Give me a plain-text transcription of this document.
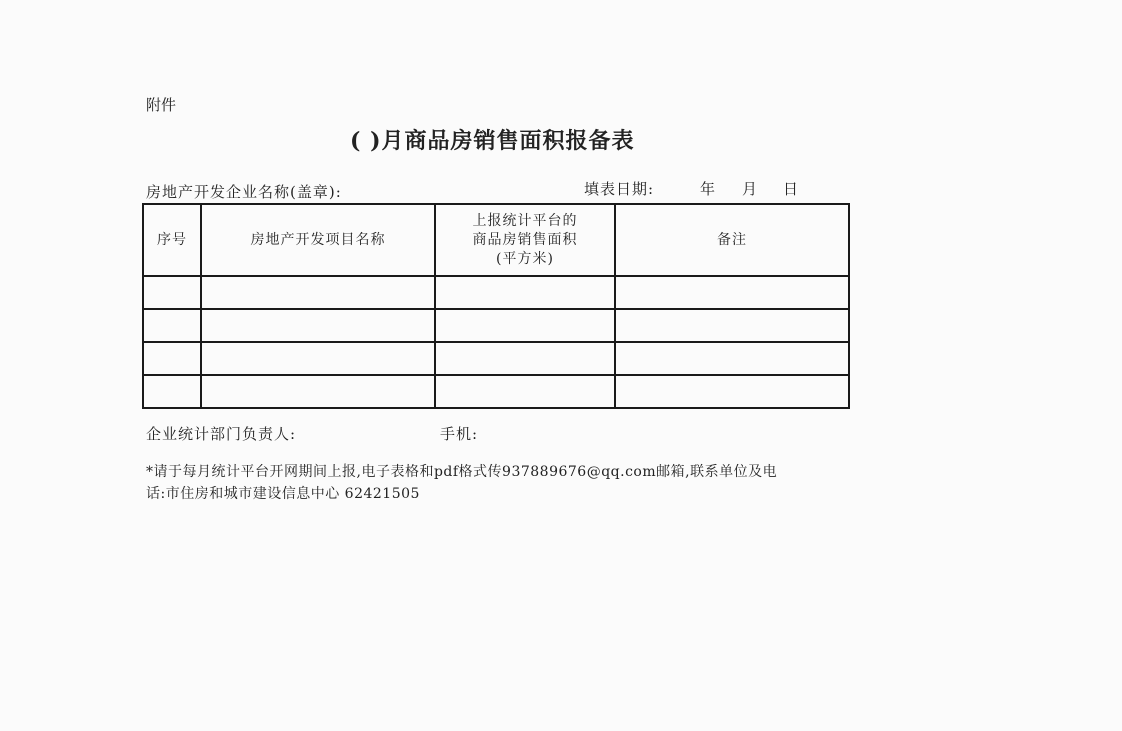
附件
( )月商品房销售面积报备表
房地产开发企业名称(盖章):	填表日期:	年 月 日
序号	房地产开发项目名称	上报统计平台的
商品房销售面积
(平方米)	备注

企业统计部门负责人:	手机:
*请于每月统计平台开网期间上报,电子表格和pdf格式传937889676@qq.com邮箱,联系单位及电
话:市住房和城市建设信息中心 62421505
